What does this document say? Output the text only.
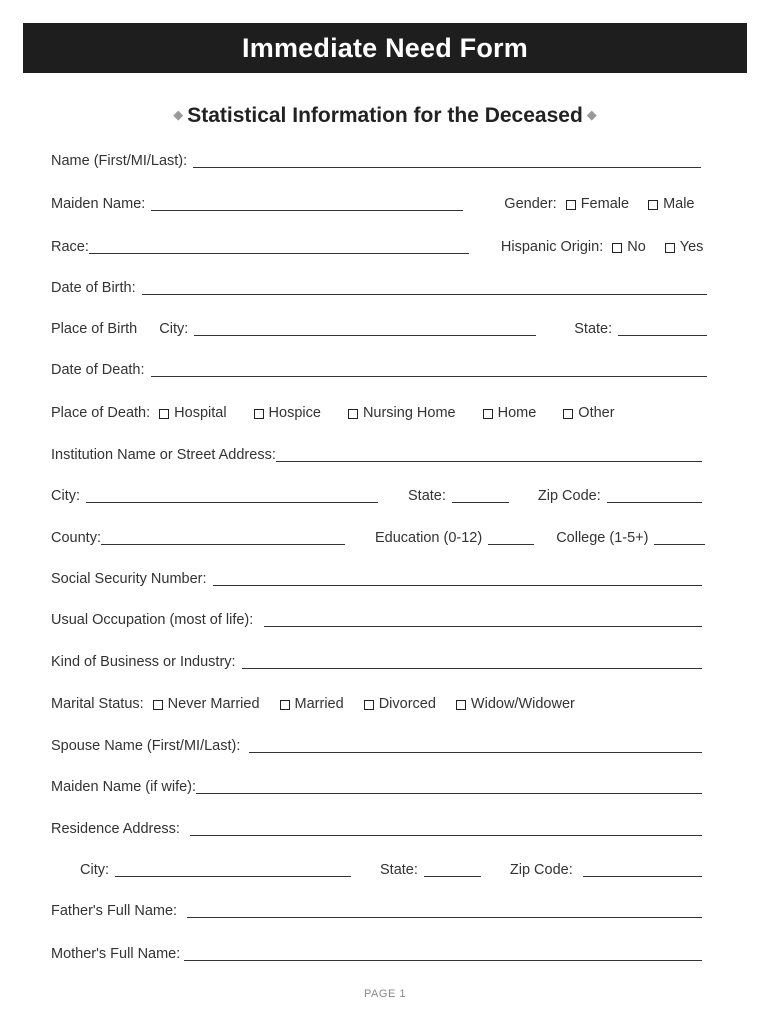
Immediate Need Form
◆ Statistical Information for the Deceased ◆
Name (First/MI/Last):
Maiden Name:	Gender: Female Male
Race:	Hispanic Origin: No Yes
Date of Birth:
Place of Birth City:	State:
Date of Death:
Place of Death: Hospital	Hospice	Nursing Home	Home	Other
Institution Name or Street Address:
City:	State:	Zip Code:
County:	Education (0-12)	College (1-5+)
Social Security Number:
Usual Occupation (most of life):
Kind of Business or Industry:
Marital Status: Never Married Married Divorced Widow/Widower
Spouse Name (First/MI/Last):
Maiden Name (if wife):
Residence Address:
City:	State:	Zip Code:
Father's Full Name:
Mother's Full Name:
PAGE 1
